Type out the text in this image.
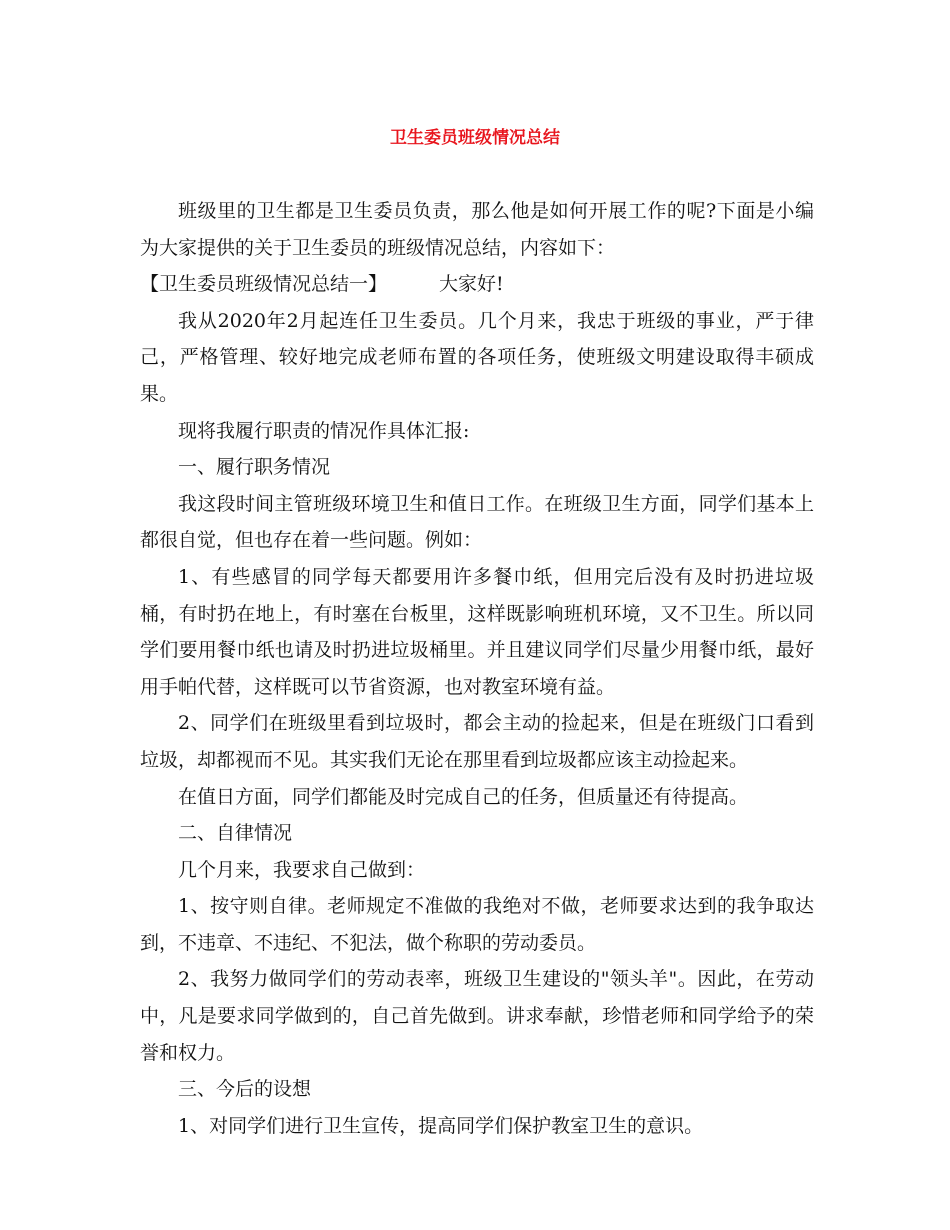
卫生委员班级情况总结

班级里的卫生都是卫生委员负责，那么他是如何开展工作的呢?下面是小编为大家提供的关于卫生委员的班级情况总结，内容如下：

【卫生委员班级情况总结一】	大家好!

我从2020年2月起连任卫生委员。几个月来，我忠于班级的事业，严于律己，严格管理、较好地完成老师布置的各项任务，使班级文明建设取得丰硕成果。

现将我履行职责的情况作具体汇报:

一、履行职务情况

我这段时间主管班级环境卫生和值日工作。在班级卫生方面，同学们基本上都很自觉，但也存在着一些问题。例如：

1、有些感冒的同学每天都要用许多餐巾纸，但用完后没有及时扔进垃圾桶，有时扔在地上，有时塞在台板里，这样既影响班机环境，又不卫生。所以同学们要用餐巾纸也请及时扔进垃圾桶里。并且建议同学们尽量少用餐巾纸，最好用手帕代替，这样既可以节省资源，也对教室环境有益。

2、同学们在班级里看到垃圾时，都会主动的捡起来，但是在班级门口看到垃圾，却都视而不见。其实我们无论在那里看到垃圾都应该主动捡起来。

在值日方面，同学们都能及时完成自己的任务，但质量还有待提高。

二、自律情况

几个月来，我要求自己做到：

1、按守则自律。老师规定不准做的我绝对不做，老师要求达到的我争取达到，不违章、不违纪、不犯法，做个称职的劳动委员。

2、我努力做同学们的劳动表率，班级卫生建设的"领头羊"。因此，在劳动中，凡是要求同学做到的，自己首先做到。讲求奉献，珍惜老师和同学给予的荣誉和权力。

三、今后的设想

1、对同学们进行卫生宣传，提高同学们保护教室卫生的意识。
